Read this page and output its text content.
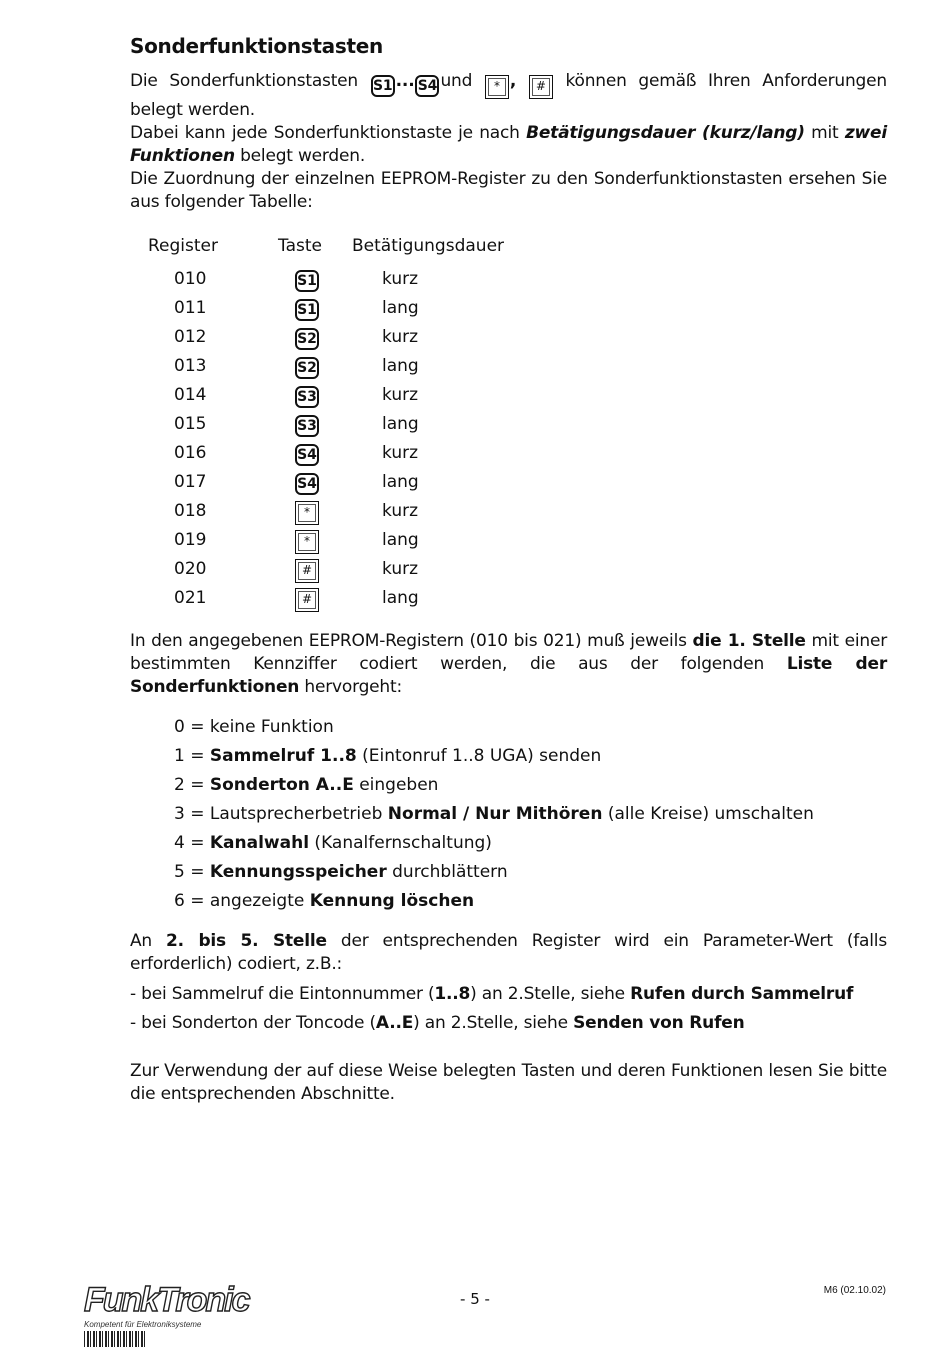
Sonderfunktionstasten

Die Sonderfunktionstasten S1 ... S4 und * , # können gemäß Ihren Anforderungen belegt werden.

Dabei kann jede Sonderfunktionstaste je nach Betätigungsdauer (kurz/lang) mit zwei Funktionen belegt werden.

Die Zuordnung der einzelnen EEPROM-Register zu den Sonderfunktionstasten ersehen Sie aus folgender Tabelle:

Register	Taste	Betätigungsdauer
010	S1	kurz
011	S1	lang
012	S2	kurz
013	S2	lang
014	S3	kurz
015	S3	lang
016	S4	kurz
017	S4	lang
018	*	kurz
019	*	lang
020	#	kurz
021	#	lang

In den angegebenen EEPROM-Registern (010 bis 021) muß jeweils die 1. Stelle mit einer bestimmten Kennziffer codiert werden, die aus der folgenden Liste der Sonderfunktionen hervorgeht:

0 = keine Funktion
1 = Sammelruf 1..8 (Eintonruf 1..8 UGA) senden
2 = Sonderton A..E eingeben
3 = Lautsprecherbetrieb Normal / Nur Mithören (alle Kreise) umschalten
4 = Kanalwahl (Kanalfernschaltung)
5 = Kennungsspeicher durchblättern
6 = angezeigte Kennung löschen

An 2. bis 5. Stelle der entsprechenden Register wird ein Parameter-Wert (falls erforderlich) codiert, z.B.:

- bei Sammelruf die Eintonnummer (1..8) an 2.Stelle, siehe Rufen durch Sammelruf

- bei Sonderton der Toncode (A..E) an 2.Stelle, siehe Senden von Rufen

Zur Verwendung der auf diese Weise belegten Tasten und deren Funktionen lesen Sie bitte die entsprechenden Abschnitte.

FunkTronic
Kompetent für Elektroniksysteme
- 5 -	M6 (02.10.02)
